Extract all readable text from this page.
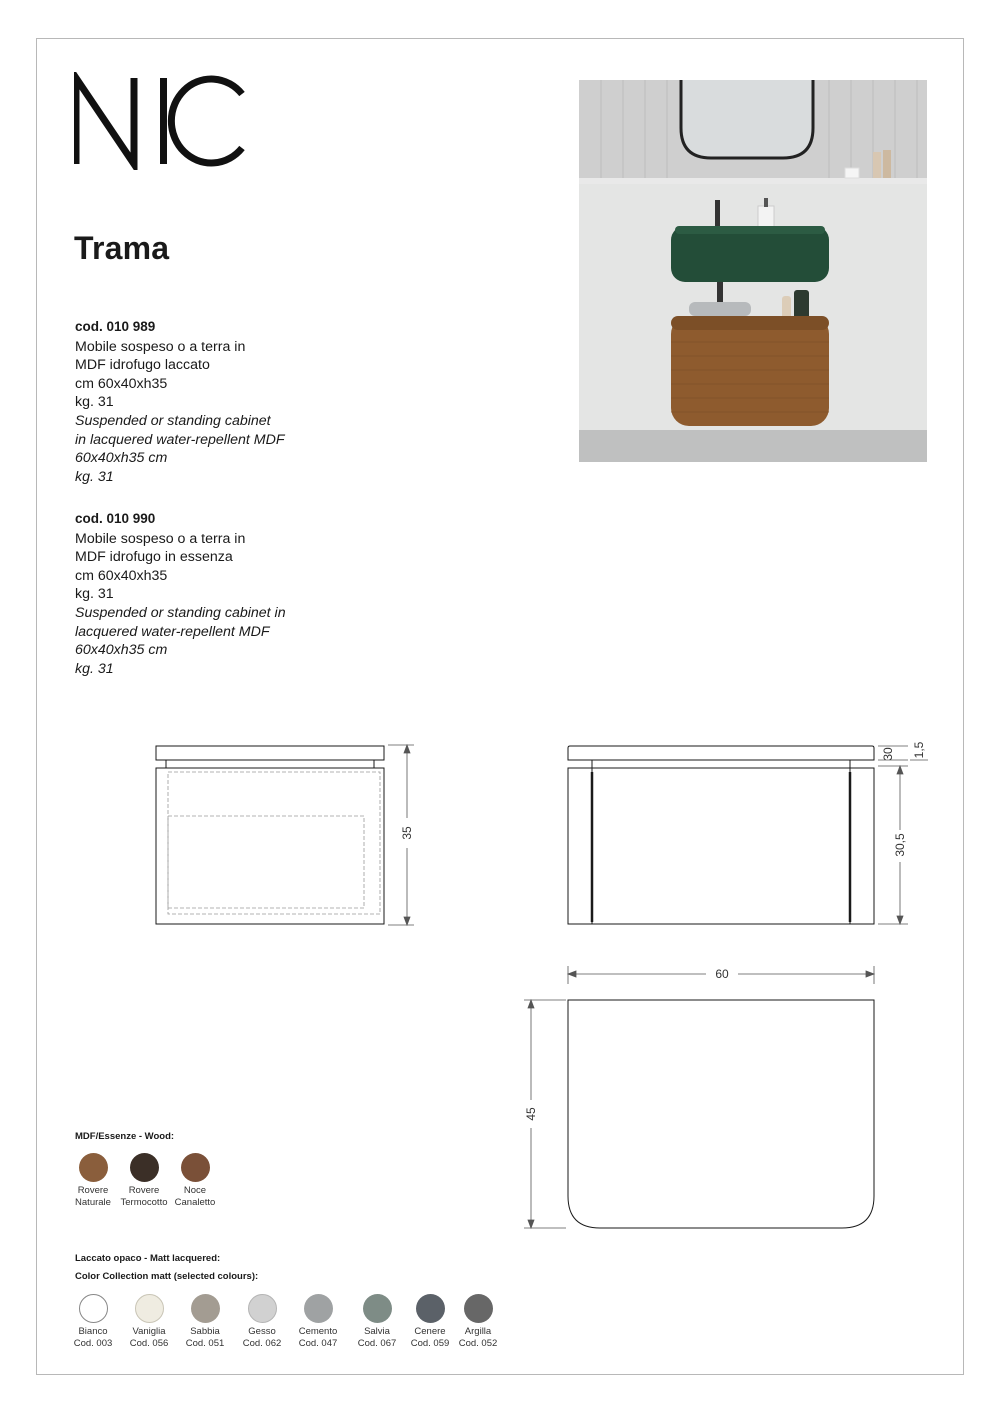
Trama
cod. 010 989
Mobile sospeso o a terra in
MDF idrofugo laccato
cm 60x40xh35
kg. 31
Suspended or standing cabinet
in lacquered water-repellent MDF
60x40xh35 cm
kg. 31
cod. 010 990
Mobile sospeso o a terra in
MDF idrofugo in essenza
cm 60x40xh35
kg. 31
Suspended or standing cabinet in
lacquered water-repellent MDF
60x40xh35 cm
kg. 31
35
30 1,5
30,5
60
45
MDF/Essenze - Wood:
Rovere
Naturale
Rovere
Termocotto
Noce
Canaletto
Laccato opaco - Matt lacquered:
Color Collection matt (selected colours):
Bianco
Cod. 003
Vaniglia
Cod. 056
Sabbia
Cod. 051
Gesso
Cod. 062
Cemento
Cod. 047
Salvia
Cod. 067
Cenere
Cod. 059
Argilla
Cod. 052
